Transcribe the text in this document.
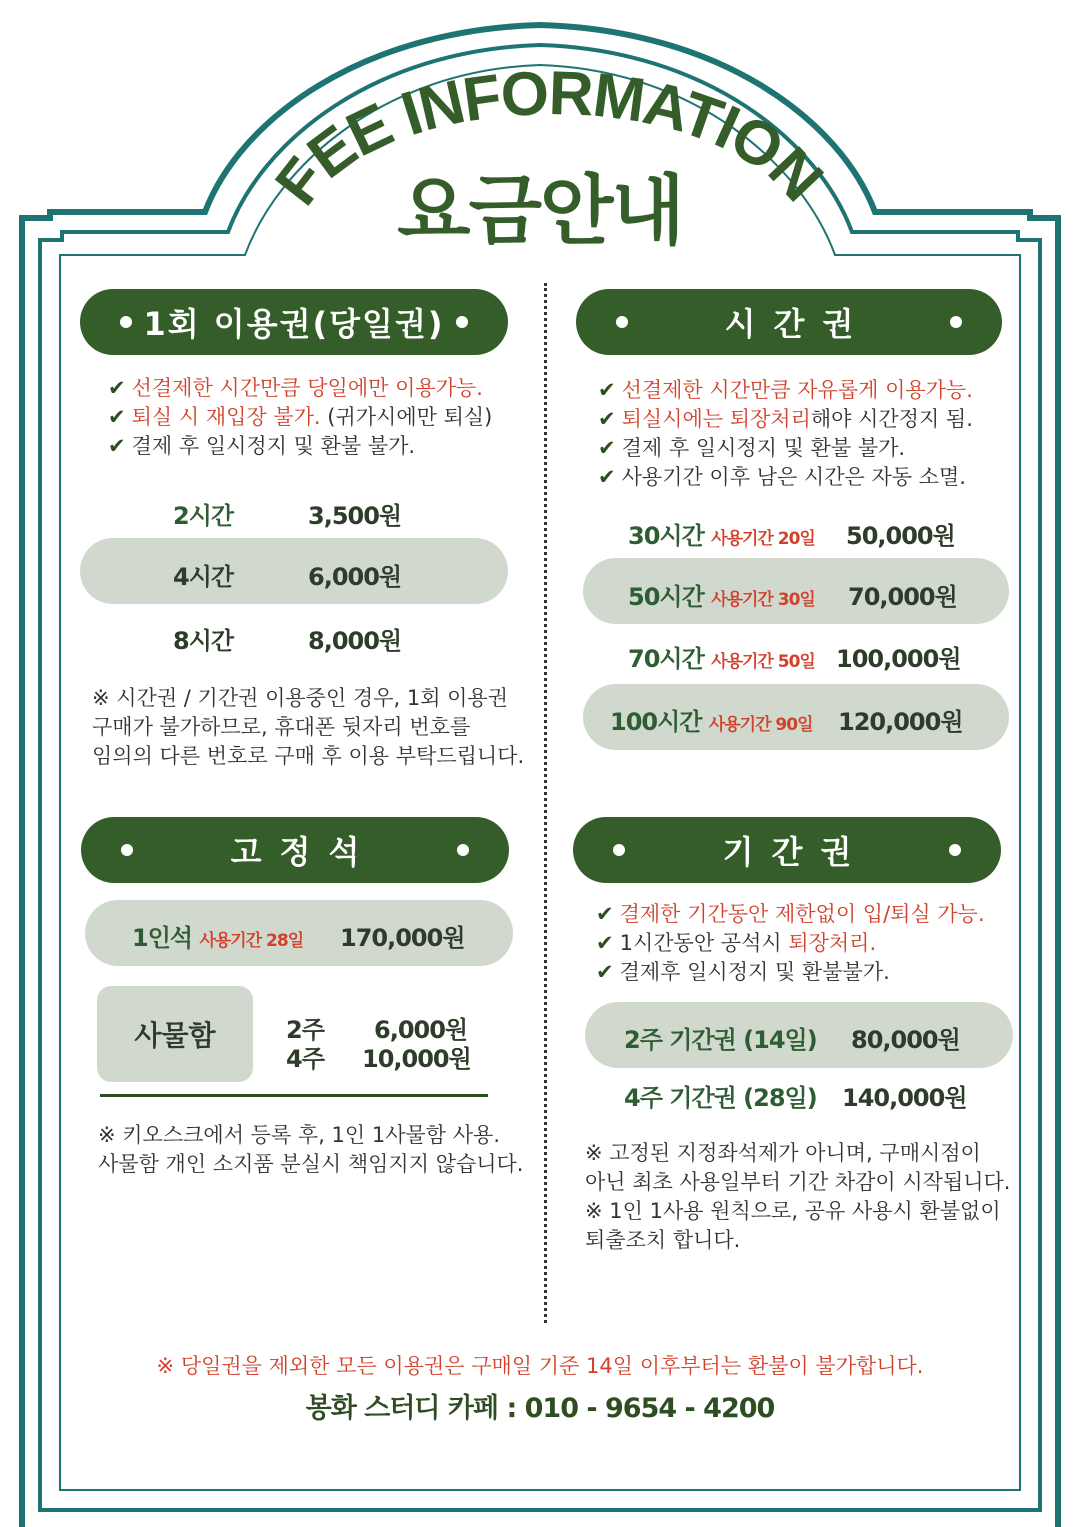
FEE INFORMATION
요금안내
1회 이용권(당일권)
✔ 선결제한 시간만큼 당일에만 이용가능.
✔ 퇴실 시 재입장 불가. (귀가시에만 퇴실)
✔ 결제 후 일시정지 및 환불 불가.
2시간	3,500원
4시간	6,000원
8시간	8,000원
※ 시간권 / 기간권 이용중인 경우, 1회 이용권
구매가 불가하므로, 휴대폰 뒷자리 번호를
임의의 다른 번호로 구매 후 이용 부탁드립니다.
시간권
✔ 선결제한 시간만큼 자유롭게 이용가능.
✔ 퇴실시에는 퇴장처리해야 시간정지 됨.
✔ 결제 후 일시정지 및 환불 불가.
✔ 사용기간 이후 남은 시간은 자동 소멸.
30시간 사용기간 20일 50,000원
50시간 사용기간 30일 70,000원
70시간 사용기간 50일 100,000원
100시간 사용기간 90일 120,000원
고정석
1인석 사용기간 28일 170,000원
사물함	2주 6,000원
4주 10,000원
※ 키오스크에서 등록 후, 1인 1사물함 사용.
사물함 개인 소지품 분실시 책임지지 않습니다.
기간권
✔ 결제한 기간동안 제한없이 입/퇴실 가능.
✔ 1시간동안 공석시 퇴장처리.
✔ 결제후 일시정지 및 환불불가.
2주 기간권 (14일) 80,000원
4주 기간권 (28일) 140,000원
※ 고정된 지정좌석제가 아니며, 구매시점이
아닌 최초 사용일부터 기간 차감이 시작됩니다.
※ 1인 1사용 원칙으로, 공유 사용시 환불없이
퇴출조치 합니다.
※ 당일권을 제외한 모든 이용권은 구매일 기준 14일 이후부터는 환불이 불가합니다.
봉화 스터디 카페 : 010 - 9654 - 4200
